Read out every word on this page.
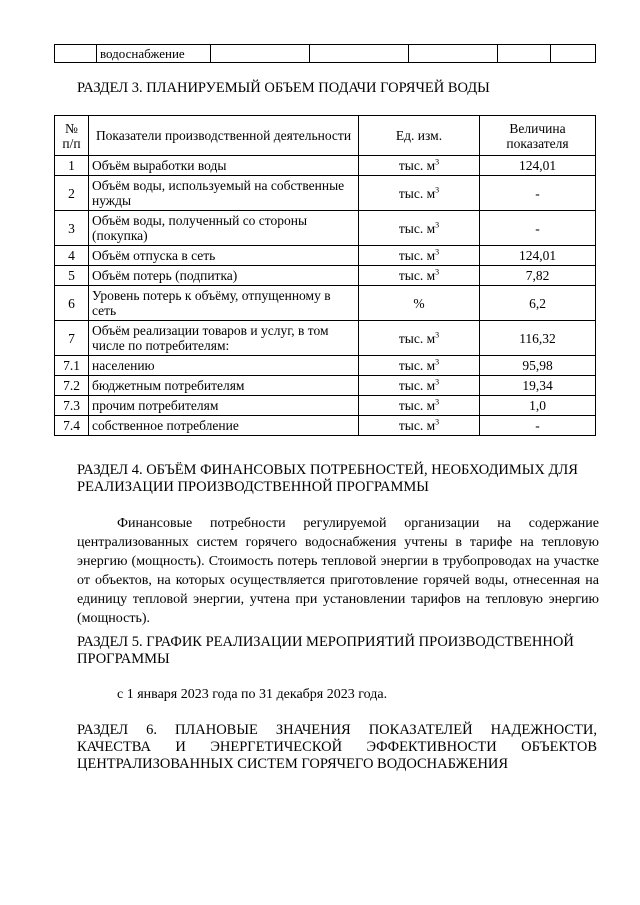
	водоснабжение					
РАЗДЕЛ 3. ПЛАНИРУЕМЫЙ ОБЪЕМ ПОДАЧИ ГОРЯЧЕЙ ВОДЫ
№ п/п	Показатели производственной деятельности	Ед. изм.	Величина показателя
1	Объём выработки воды	тыс. $м^3$	124,01
2	Объём воды, используемый на собственные нужды	тыс. $м^3$	-
3	Объём воды, полученный со стороны (покупка)	тыс. $м^3$	-
4	Объём отпуска в сеть	тыс. $м^3$	124,01
5	Объём потерь (подпитка)	тыс. $м^3$	7,82
6	Уровень потерь к объёму, отпущенному в сеть	%	6,2
7	Объём реализации товаров и услуг, в том числе по потребителям:	тыс. $м^3$	116,32
7.1	населению	тыс. $м^3$	95,98
7.2	бюджетным потребителям	тыс. $м^3$	19,34
7.3	прочим потребителям	тыс. $м^3$	1,0
7.4	собственное потребление	тыс. $м^3$	-
РАЗДЕЛ 4. ОБЪЁМ ФИНАНСОВЫХ ПОТРЕБНОСТЕЙ, НЕОБХОДИМЫХ ДЛЯ РЕАЛИЗАЦИИ ПРОИЗВОДСТВЕННОЙ ПРОГРАММЫ

Финансовые потребности регулируемой организации на содержание централизованных систем горячего водоснабжения учтены в тарифе на тепловую энергию (мощность). Стоимость потерь тепловой энергии в трубопроводах на участке от объектов, на которых осуществляется приготовление горячей воды, отнесенная на единицу тепловой энергии, учтена при установлении тарифов на тепловую энергию (мощность).

РАЗДЕЛ 5. ГРАФИК РЕАЛИЗАЦИИ МЕРОПРИЯТИЙ ПРОИЗВОДСТВЕННОЙ ПРОГРАММЫ

с 1 января 2023 года по 31 декабря 2023 года.

РАЗДЕЛ 6. ПЛАНОВЫЕ ЗНАЧЕНИЯ ПОКАЗАТЕЛЕЙ НАДЕЖНОСТИ, КАЧЕСТВА И ЭНЕРГЕТИЧЕСКОЙ ЭФФЕКТИВНОСТИ ОБЪЕКТОВ ЦЕНТРАЛИЗОВАННЫХ СИСТЕМ ГОРЯЧЕГО ВОДОСНАБЖЕНИЯ
